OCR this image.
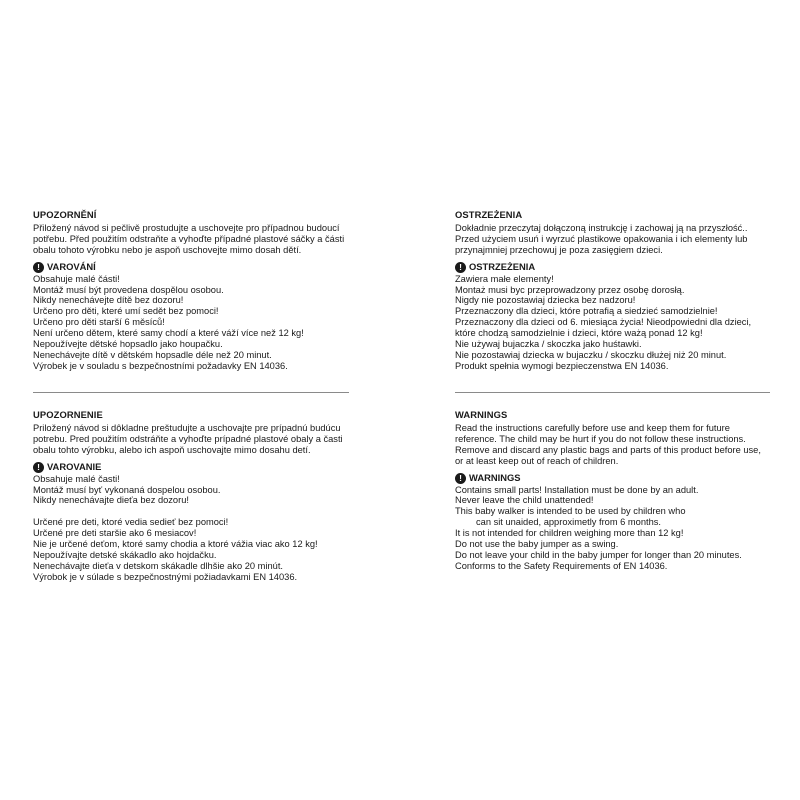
UPOZORNĚNÍ
Přiložený návod si pečlivě prostudujte a uschovejte pro případnou budoucí
potřebu. Před použitím odstraňte a vyhoďte případné plastové sáčky a části
obalu tohoto výrobku nebo je aspoň uschovejte mimo dosah dětí.
! VAROVÁNÍ
Obsahuje malé části!
Montáž musí být provedena dospělou osobou.
Nikdy nenechávejte dítě bez dozoru!
Určeno pro děti, které umí sedět bez pomoci!
Určeno pro děti starší 6 měsíců!
Není určeno dětem, které samy chodí a které váží více než 12 kg!
Nepoužívejte dětské hopsadlo jako houpačku.
Nenechávejte dítě v dětském hopsadle déle než 20 minut.
Výrobek je v souladu s bezpečnostními požadavky EN 14036.
UPOZORNENIE
Priložený návod si dôkladne preštudujte a uschovajte pre prípadnú budúcu
potrebu. Pred použitím odstráňte a vyhoďte prípadné plastové obaly a časti
obalu tohto výrobku, alebo ich aspoň uschovajte mimo dosahu detí.
! VAROVANIE
Obsahuje malé časti!
Montáž musí byť vykonaná dospelou osobou.
Nikdy nenechávajte dieťa bez dozoru!
Určené pre deti, ktoré vedia sedieť bez pomoci!
Určené pre deti staršie ako 6 mesiacov!
Nie je určené deťom, ktoré samy chodia a ktoré vážia viac ako 12 kg!
Nepoužívajte detské skákadlo ako hojdačku.
Nenechávajte dieťa v detskom skákadle dlhšie ako 20 minút.
Výrobok je v súlade s bezpečnostnými požiadavkami EN 14036.
OSTRZEŻENIA
Dokładnie przeczytaj dołączoną instrukcję i zachowaj ją na przyszłość..
Przed użyciem usuń i wyrzuć plastikowe opakowania i ich elementy lub
przynajmniej przechowuj je poza zasięgiem dzieci.
! OSTRZEŻENIA
Zawiera małe elementy!
Montaż musi byc przeprowadzony przez osobę dorosłą.
Nigdy nie pozostawiaj dziecka bez nadzoru!
Przeznaczony dla dzieci, które potrafią a siedzieć samodzielnie!
Przeznaczony dla dzieci od 6. miesiąca życia! Nieodpowiedni dla dzieci,
które chodzą samodzielnie i dzieci, które ważą ponad 12 kg!
Nie używaj bujaczka / skoczka jako huśtawki.
Nie pozostawiaj dziecka w bujaczku / skoczku dłużej niż 20 minut.
Produkt spełnia wymogi bezpieczenstwa EN 14036.
WARNINGS
Read the instructions carefully before use and keep them for future
reference. The child may be hurt if you do not follow these instructions.
Remove and discard any plastic bags and parts of this product before use,
or at least keep out of reach of children.
! WARNINGS
Contains small parts! Installation must be done by an adult.
Never leave the child unattended!
This baby walker is intended to be used by children who
can sit unaided, approximetly from 6 months.
It is not intended for children weighing more than 12 kg!
Do not use the baby jumper as a swing.
Do not leave your child in the baby jumper for longer than 20 minutes.
Conforms to the Safety Requirements of EN 14036.
